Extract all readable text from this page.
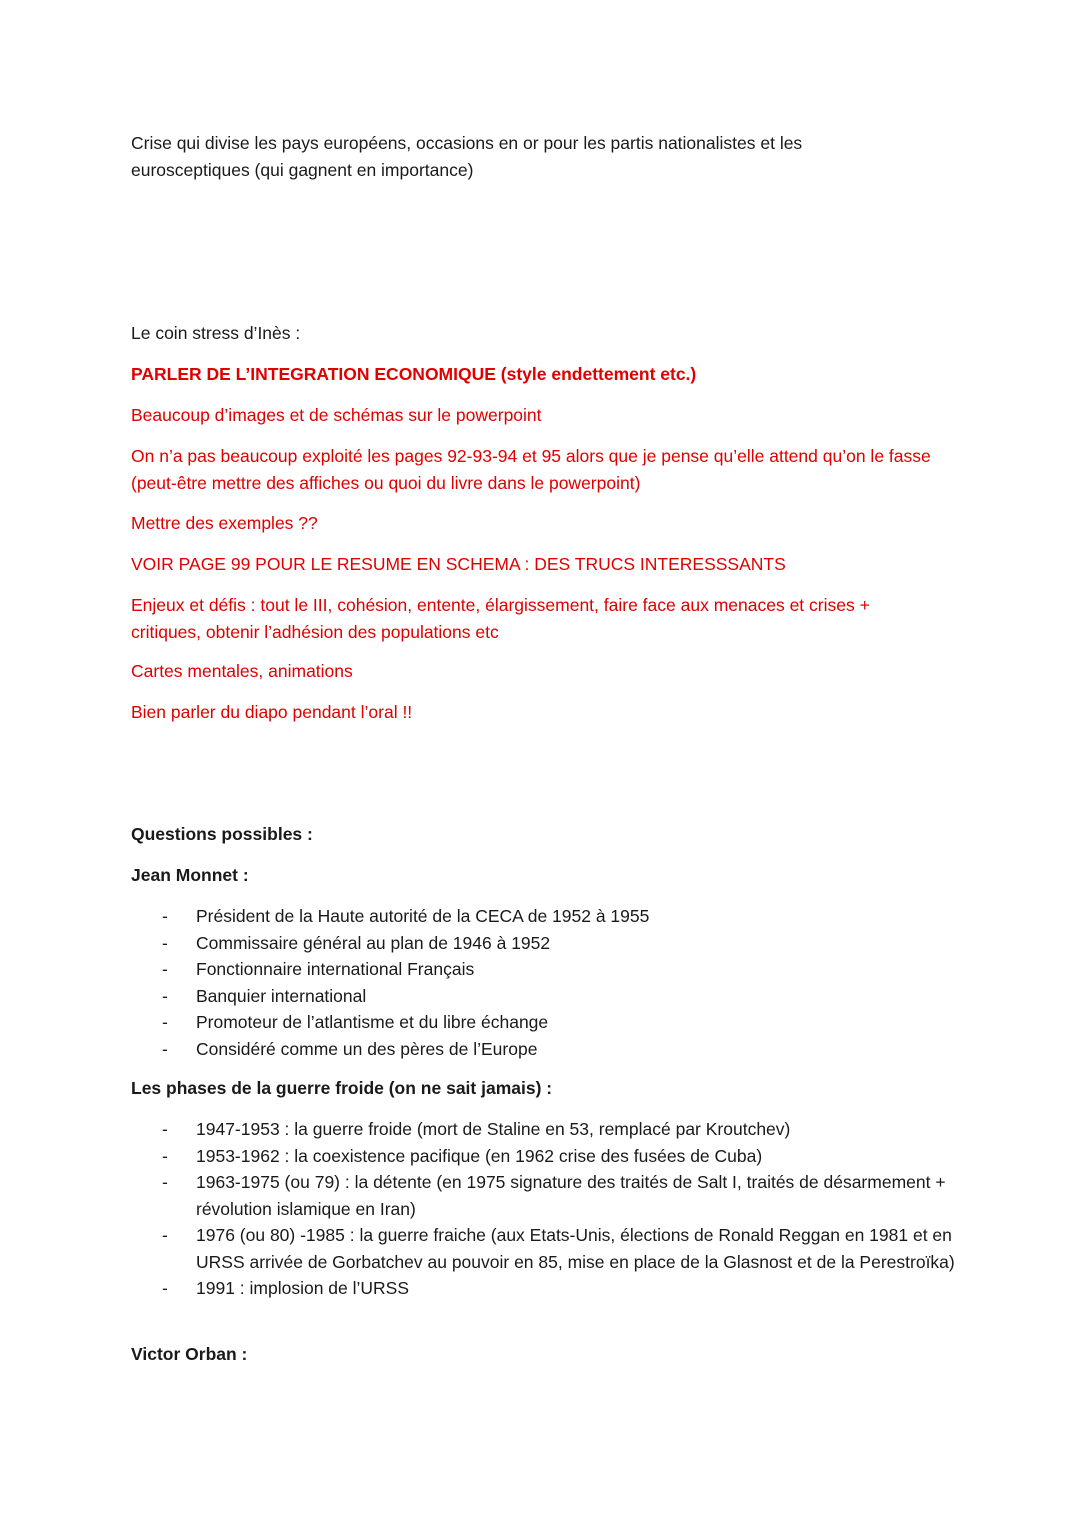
Crise qui divise les pays européens, occasions en or pour les partis nationalistes et les eurosceptiques (qui gagnent en importance)

Le coin stress d’Inès :

PARLER DE L’INTEGRATION ECONOMIQUE (style endettement etc.)

Beaucoup d’images et de schémas sur le powerpoint

On n’a pas beaucoup exploité les pages 92-93-94 et 95 alors que je pense qu’elle attend qu’on le fasse (peut-être mettre des affiches ou quoi du livre dans le powerpoint)

Mettre des exemples ??

VOIR PAGE 99 POUR LE RESUME EN SCHEMA : DES TRUCS INTERESSSANTS

Enjeux et défis : tout le III, cohésion, entente, élargissement, faire face aux menaces et crises + critiques, obtenir l’adhésion des populations etc

Cartes mentales, animations

Bien parler du diapo pendant l’oral !!

Questions possibles :

Jean Monnet :

- Président de la Haute autorité de la CECA de 1952 à 1955
- Commissaire général au plan de 1946 à 1952
- Fonctionnaire international Français
- Banquier international
- Promoteur de l’atlantisme et du libre échange
- Considéré comme un des pères de l’Europe

Les phases de la guerre froide (on ne sait jamais) :

- 1947-1953 : la guerre froide (mort de Staline en 53, remplacé par Kroutchev)
- 1953-1962 : la coexistence pacifique (en 1962 crise des fusées de Cuba)
- 1963-1975 (ou 79) : la détente (en 1975 signature des traités de Salt I, traités de désarmement + révolution islamique en Iran)
- 1976 (ou 80) -1985 : la guerre fraiche (aux Etats-Unis, élections de Ronald Reggan en 1981 et en URSS arrivée de Gorbatchev au pouvoir en 85, mise en place de la Glasnost et de la Perestroïka)
- 1991 : implosion de l’URSS

Victor Orban :
